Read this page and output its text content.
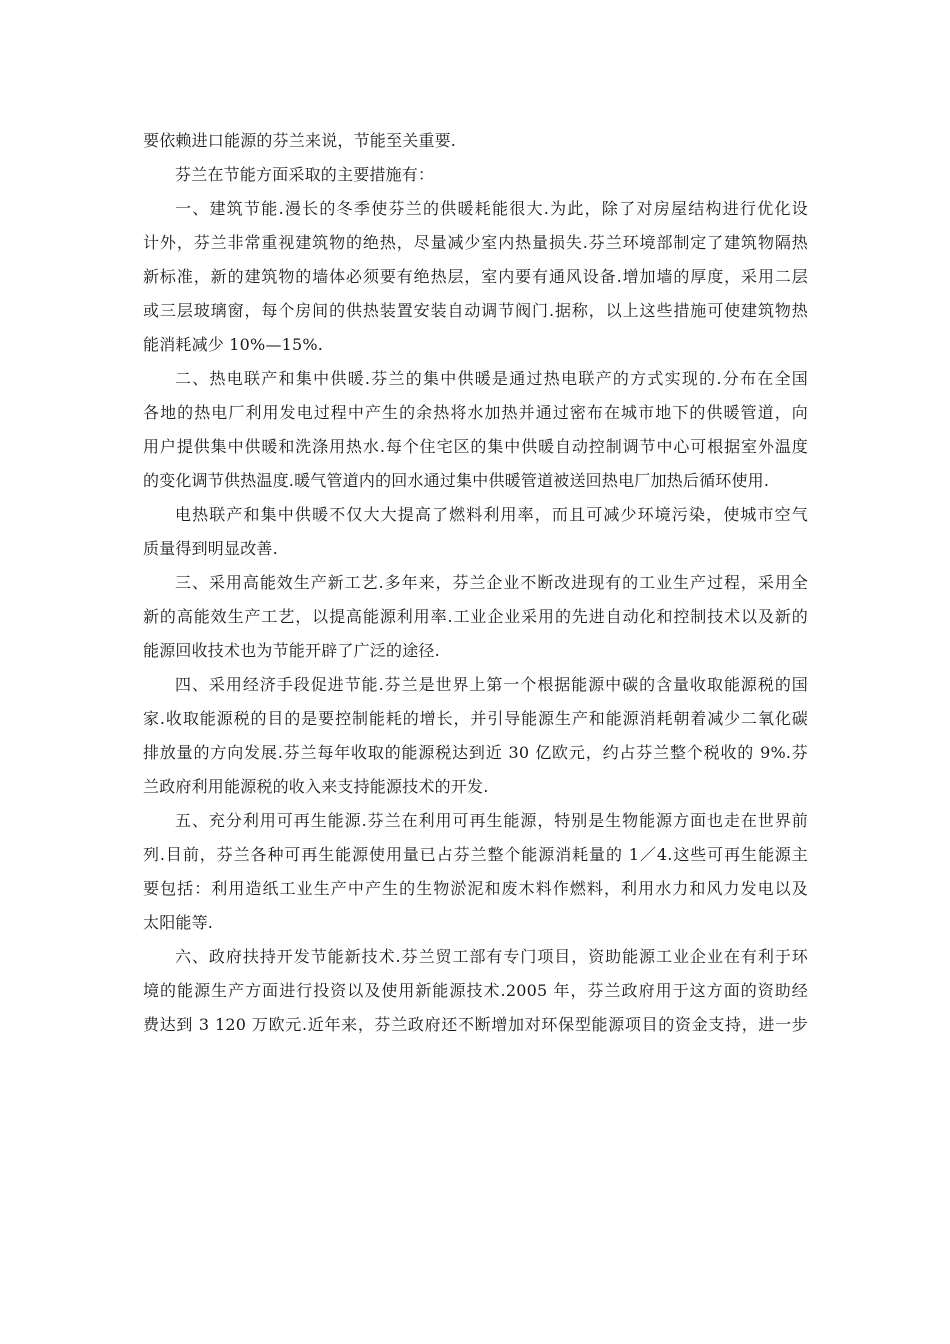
要依赖进口能源的芬兰来说，节能至关重要.
芬兰在节能方面采取的主要措施有：
一、建筑节能.漫长的冬季使芬兰的供暖耗能很大.为此，除了对房屋结构进行优化设
计外，芬兰非常重视建筑物的绝热，尽量减少室内热量损失.芬兰环境部制定了建筑物隔热
新标准，新的建筑物的墙体必须要有绝热层，室内要有通风设备.增加墙的厚度，采用二层
或三层玻璃窗，每个房间的供热装置安装自动调节阀门.据称，以上这些措施可使建筑物热
能消耗减少 10%—15%.
二、热电联产和集中供暖.芬兰的集中供暖是通过热电联产的方式实现的.分布在全国
各地的热电厂利用发电过程中产生的余热将水加热并通过密布在城市地下的供暖管道，向
用户提供集中供暖和洗涤用热水.每个住宅区的集中供暖自动控制调节中心可根据室外温度
的变化调节供热温度.暖气管道内的回水通过集中供暖管道被送回热电厂加热后循环使用.
电热联产和集中供暖不仅大大提高了燃料利用率，而且可减少环境污染，使城市空气
质量得到明显改善.
三、采用高能效生产新工艺.多年来，芬兰企业不断改进现有的工业生产过程，采用全
新的高能效生产工艺，以提高能源利用率.工业企业采用的先进自动化和控制技术以及新的
能源回收技术也为节能开辟了广泛的途径.
四、采用经济手段促进节能.芬兰是世界上第一个根据能源中碳的含量收取能源税的国
家.收取能源税的目的是要控制能耗的增长，并引导能源生产和能源消耗朝着减少二氧化碳
排放量的方向发展.芬兰每年收取的能源税达到近 30 亿欧元，约占芬兰整个税收的 9%.芬
兰政府利用能源税的收入来支持能源技术的开发.
五、充分利用可再生能源.芬兰在利用可再生能源，特别是生物能源方面也走在世界前
列.目前，芬兰各种可再生能源使用量已占芬兰整个能源消耗量的 1／4.这些可再生能源主
要包括：利用造纸工业生产中产生的生物淤泥和废木料作燃料，利用水力和风力发电以及
太阳能等.
六、政府扶持开发节能新技术.芬兰贸工部有专门项目，资助能源工业企业在有利于环
境的能源生产方面进行投资以及使用新能源技术.2005 年，芬兰政府用于这方面的资助经
费达到 3 120 万欧元.近年来，芬兰政府还不断增加对环保型能源项目的资金支持，进一步
